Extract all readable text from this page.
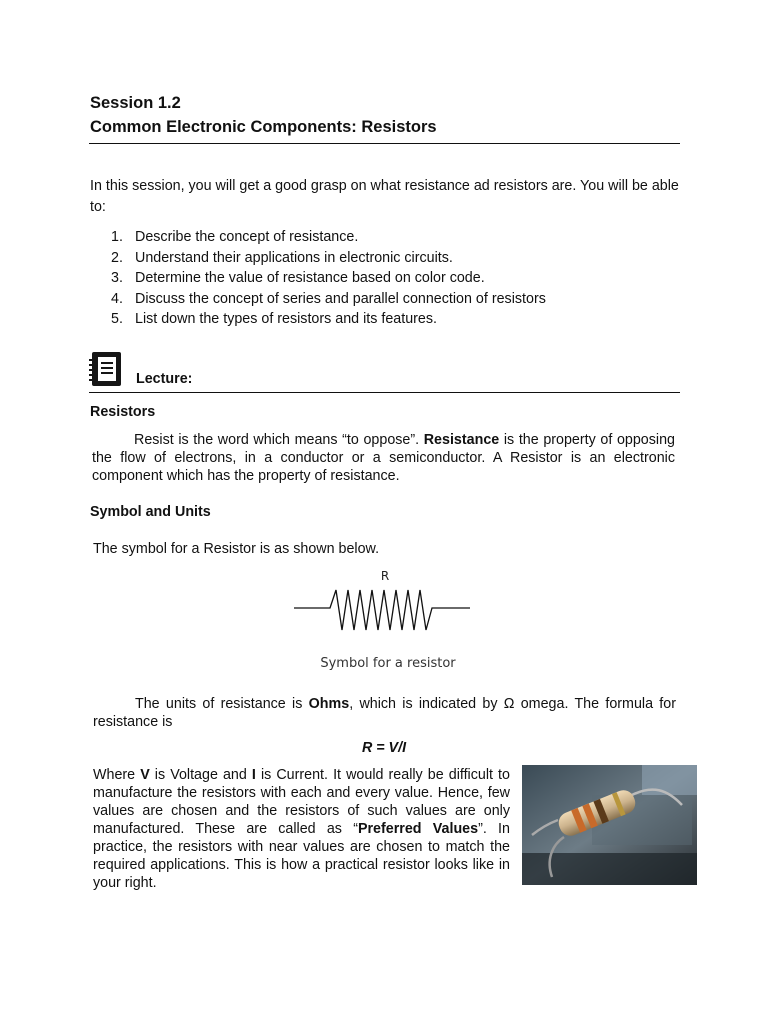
Session 1.2
Common Electronic Components: Resistors
In this session, you will get a good grasp on what resistance ad resistors are. You will be able to:
1. Describe the concept of resistance.
2. Understand their applications in electronic circuits.
3. Determine the value of resistance based on color code.
4. Discuss the concept of series and parallel connection of resistors
5. List down the types of resistors and its features.
Lecture:
Resistors
Resist is the word which means “to oppose”. Resistance is the property of opposing the flow of electrons, in a conductor or a semiconductor. A Resistor is an electronic component which has the property of resistance.
Symbol and Units
The symbol for a Resistor is as shown below.
R
Symbol for a resistor
The units of resistance is Ohms, which is indicated by Ω omega. The formula for resistance is
R = V/I
Where V is Voltage and I is Current. It would really be difficult to manufacture the resistors with each and every value. Hence, few values are chosen and the resistors of such values are only manufactured. These are called as “Preferred Values”. In practice, the resistors with near values are chosen to match the required applications. This is how a practical resistor looks like in your right.
